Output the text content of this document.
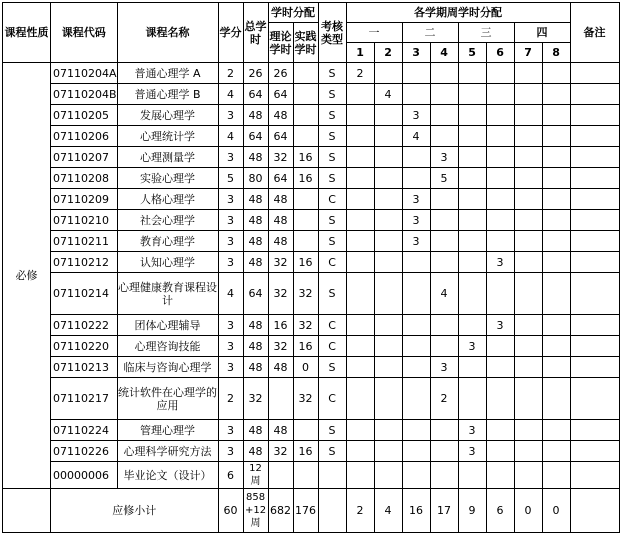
课程性质	课程代码	课程名称	学分	总学时	学时分配		考核类型	各学期周学时分配								备注
					理论学时	实践学时		一		二		三		四		
								1	2	3	4	5	6	7	8	
必修	07110204A	普通心理学 A	2	26	26		S	2								
	07110204B	普通心理学 B	4	64	64		S		4							
	07110205	发展心理学	3	48	48		S			3						
	07110206	心理统计学	4	64	64		S			4						
	07110207	心理测量学	3	48	32	16	S				3					
	07110208	实验心理学	5	80	64	16	S				5					
	07110209	人格心理学	3	48	48		C			3						
	07110210	社会心理学	3	48	48		S			3						
	07110211	教育心理学	3	48	48		S			3						
	07110212	认知心理学	3	48	32	16	C						3			
	07110214	心理健康教育课程设计	4	64	32	32	S				4					
	07110222	团体心理辅导	3	48	16	32	C						3			
	07110220	心理咨询技能	3	48	32	16	C					3				
	07110213	临床与咨询心理学	3	48	48	0	S				3					
	07110217	统计软件在心理学的应用	2	32		32	C				2					
	07110224	管理心理学	3	48	48		S					3				
	07110226	心理科学研究方法	3	48	32	16	S					3				
	00000006	毕业论文（设计）	6	12 周												
	应修小计		60	858 +12 周	682	176		2	4	16	17	9	6	0	0	
